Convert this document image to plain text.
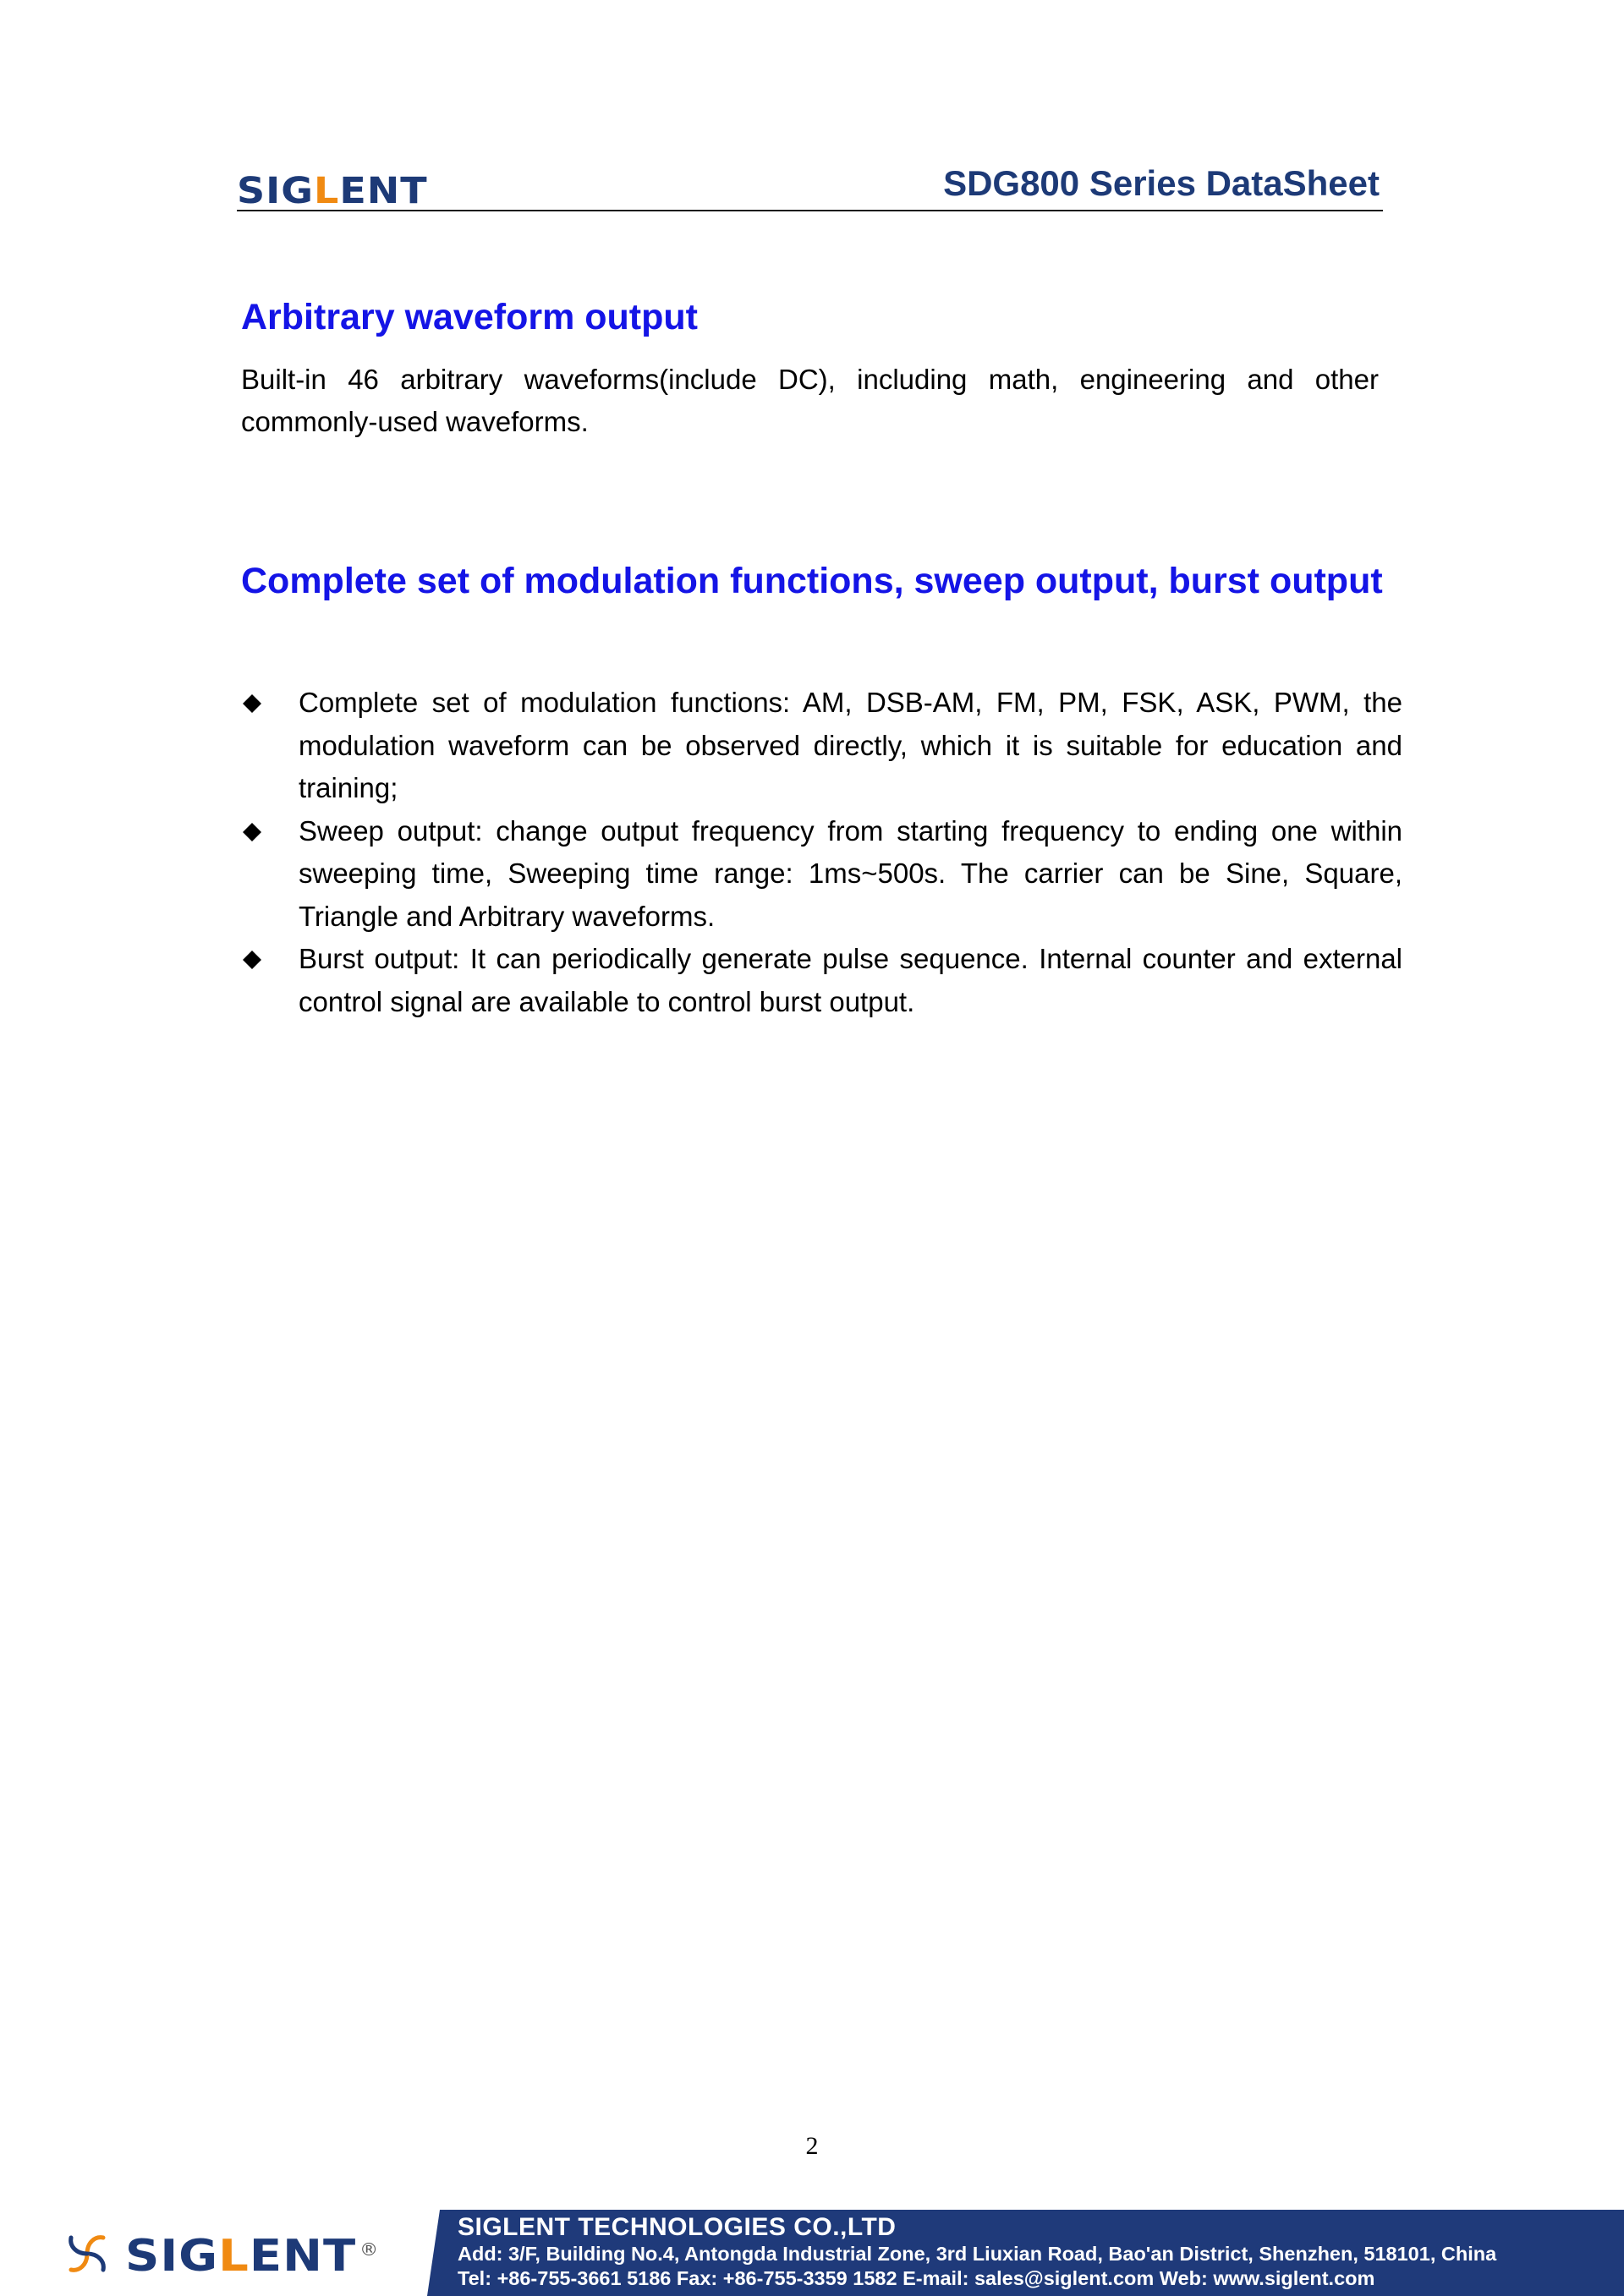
SIGLENT	SDG800 Series DataSheet
Arbitrary waveform output

Built-in 46 arbitrary waveforms(include DC), including math, engineering and other commonly-used waveforms.

Complete set of modulation functions, sweep output, burst output
Complete set of modulation functions: AM, DSB-AM, FM, PM, FSK, ASK, PWM, the modulation waveform can be observed directly, which it is suitable for education and training;
Sweep output: change output frequency from starting frequency to ending one within sweeping time, Sweeping time range: 1ms~500s. The carrier can be Sine, Square, Triangle and Arbitrary waveforms.
Burst output: It can periodically generate pulse sequence. Internal counter and external control signal are available to control burst output.
2
SIGLENT ®
SIGLENT TECHNOLOGIES CO.,LTD
Add: 3/F, Building No.4, Antongda Industrial Zone, 3rd Liuxian Road, Bao'an District, Shenzhen, 518101, China
Tel: +86-755-3661 5186 Fax: +86-755-3359 1582 E-mail: sales@siglent.com Web: www.siglent.com
